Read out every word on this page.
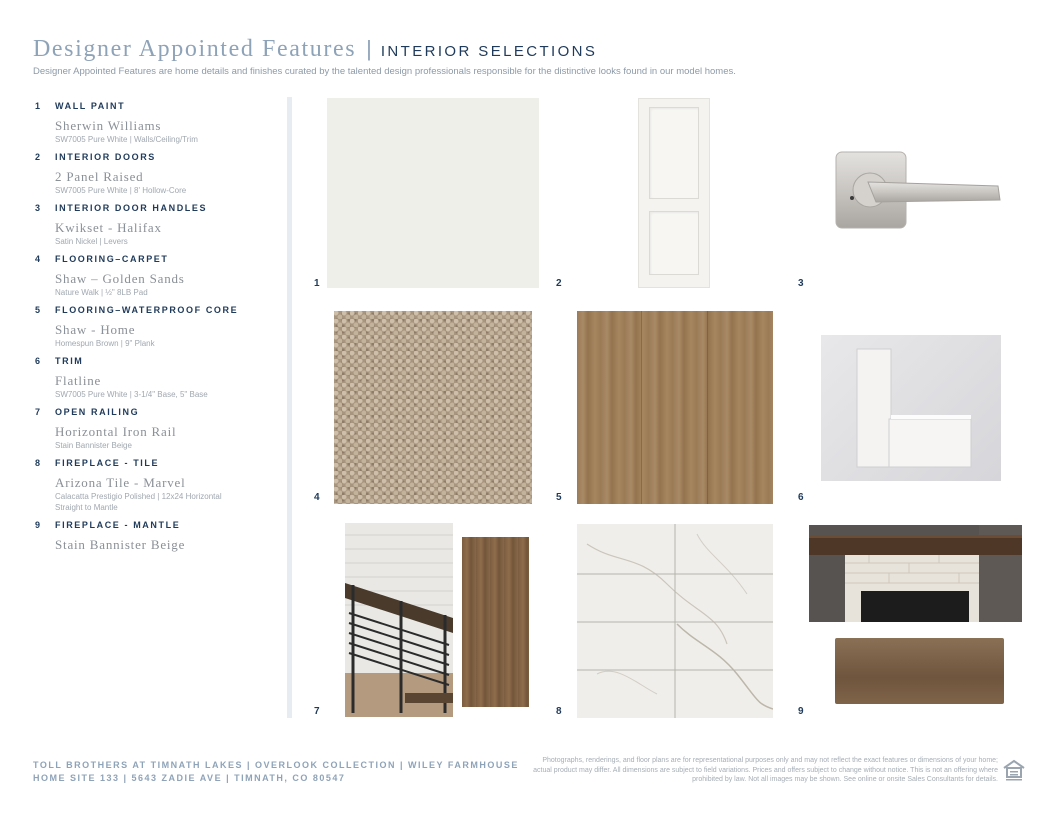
Designer Appointed Features | INTERIOR SELECTIONS
Designer Appointed Features are home details and finishes curated by the talented design professionals responsible for the distinctive looks found in our model homes.
1	WALL PAINT
Sherwin Williams
SW7005 Pure White | Walls/Ceiling/Trim
2	INTERIOR DOORS
2 Panel Raised
SW7005 Pure White | 8' Hollow-Core
3	INTERIOR DOOR HANDLES
Kwikset - Halifax
Satin Nickel | Levers
4	FLOORING–CARPET
Shaw – Golden Sands
Nature Walk | ½" 8LB Pad
5	FLOORING–WATERPROOF CORE
Shaw - Home
Homespun Brown | 9" Plank
6	TRIM
Flatline
SW7005 Pure White | 3-1/4" Base, 5" Base
7	OPEN RAILING
Horizontal Iron Rail
Stain Bannister Beige
8	FIREPLACE - TILE
Arizona Tile - Marvel
Calacatta Prestigio Polished | 12x24 Horizontal
Straight to Mantle
9	FIREPLACE - MANTLE
Stain Bannister Beige
1	2	3
4	5	6
7	8	9
TOLL BROTHERS AT TIMNATH LAKES | OVERLOOK COLLECTION | WILEY FARMHOUSE
HOME SITE 133 | 5643 ZADIE AVE | TIMNATH, CO 80547
Photographs, renderings, and floor plans are for representational purposes only and may not reflect the exact features or dimensions of your home; actual product may differ. All dimensions are subject to field variations. Prices and offers subject to change without notice. This is not an offering where prohibited by law. Not all images may be shown. See online or onsite Sales Consultants for details.
